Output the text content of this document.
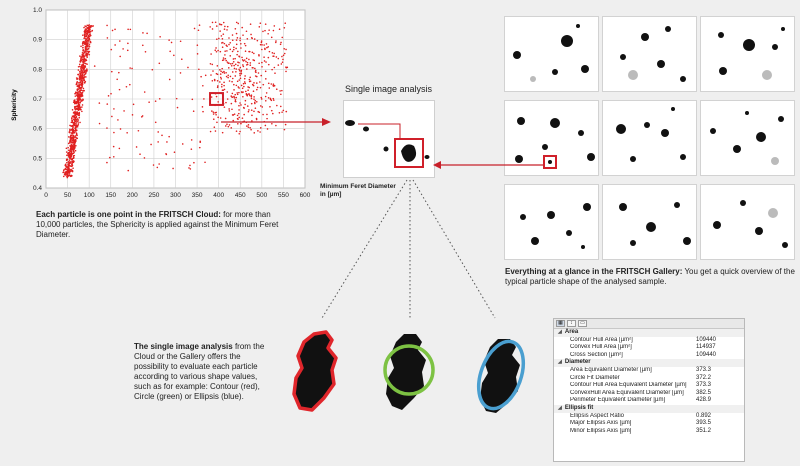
0 50 100 150 200 250 300 350 400 450 500 550 600
0.4
0.5
0.6
0.7
0.8
0.9
1.0
Sphericity
Minimum Feret Diameter in [µm]
Each particle is one point in the FRITSCH Cloud: for more than 10,000 particles, the Sphericity is applied against the Minimum Feret Diameter.
Single image analysis
Everything at a glance in the FRITSCH Gallery: You get a quick overview of the typical particle shape of the analysed sample.
The single image analysis from the Cloud or the Gallery offers the possibility to evaluate each particle according to various shape values, such as for example: Contour (red), Circle (green) or Ellipsis (blue).
▦	↕	▭
◢ Area
Contour Hull Area [µm²]	109440
Convex Hull Area [µm²]	114937
Cross Section [µm²]	109440
◢ Diameter
Area Equivalent Diameter [µm]	373.3
Circle Fit Diameter	372.2
Contour Hull Area Equivalent Diameter [µm]	373.3
ConvexHull Area Equivalent Diameter [µm]	382.5
Perimeter Equivalent Diameter [µm]	428.9
◢ Ellipsis fit
Ellipsis Aspect Ratio	0.892
Major Ellipsis Axis [µm]	393.5
Minor Ellipsis Axis [µm]	351.2
